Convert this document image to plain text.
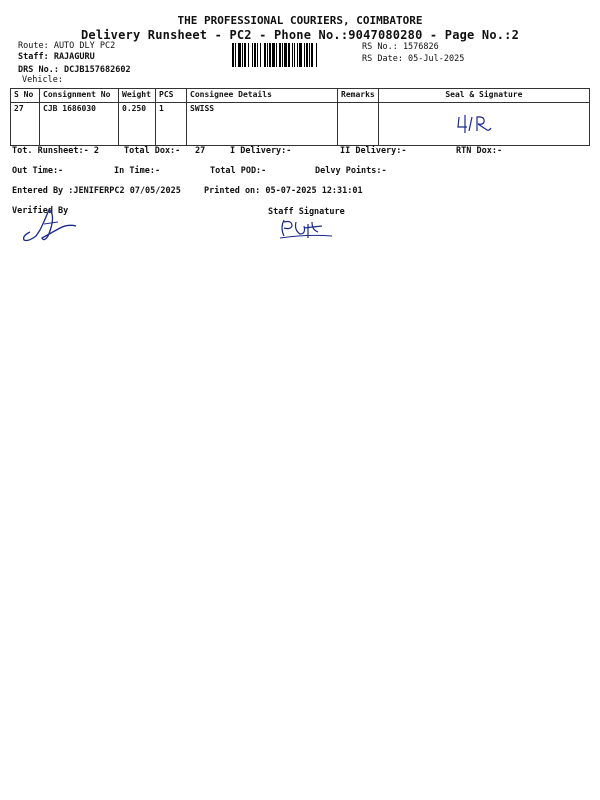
THE PROFESSIONAL COURIERS, COIMBATORE
Delivery Runsheet - PC2 - Phone No.:9047080280 - Page No.:2
Route: AUTO DLY PC2
Staff: RAJAGURU
DRS No.: DCJB157682602
Vehicle:
RS No.: 1576826
RS Date: 05-Jul-2025
S No	Consignment No	Weight	PCS	Consignee Details	Remarks	Seal & Signature
27	CJB 1686030	0.250	1	SWISS		
Tot. Runsheet:- 2	Total Dox:- 27	I Delivery:-	II Delivery:-	RTN Dox:-
Out Time:-	In Time:-	Total POD:-	Delvy Points:-
Entered By :JENIFERPC2 07/05/2025	Printed on: 05-07-2025 12:31:01
Verified By	Staff Signature
